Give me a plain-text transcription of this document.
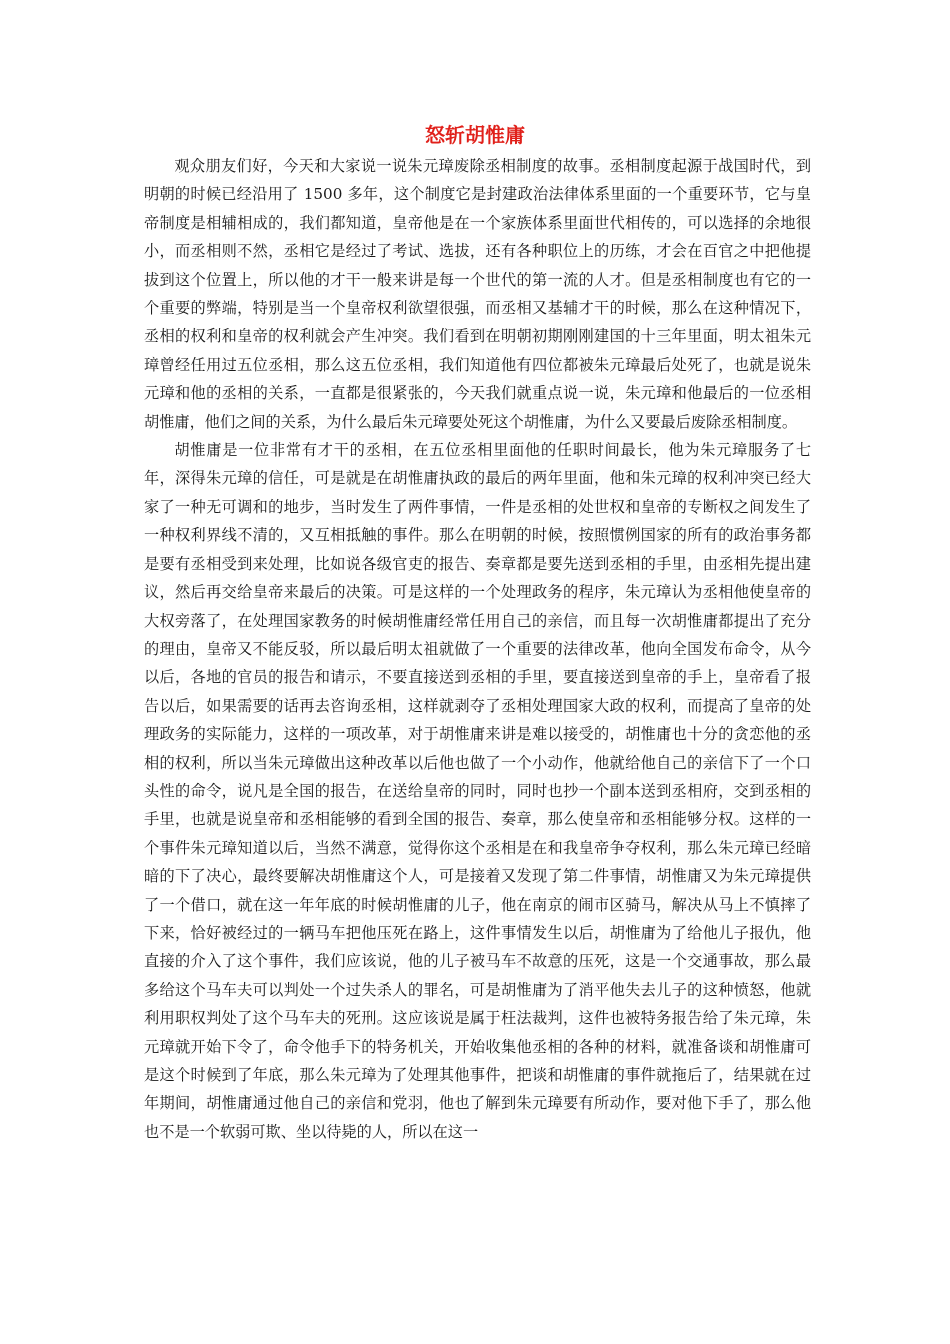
怒斩胡惟庸

观众朋友们好，今天和大家说一说朱元璋废除丞相制度的故事。丞相制度起源于战国时代，到明朝的时候已经沿用了 1500 多年，这个制度它是封建政治法律体系里面的一个重要环节，它与皇帝制度是相辅相成的，我们都知道，皇帝他是在一个家族体系里面世代相传的，可以选择的余地很小，而丞相则不然，丞相它是经过了考试、选拔，还有各种职位上的历练，才会在百官之中把他提拔到这个位置上，所以他的才干一般来讲是每一个世代的第一流的人才。但是丞相制度也有它的一个重要的弊端，特别是当一个皇帝权利欲望很强，而丞相又基辅才干的时候，那么在这种情况下，丞相的权利和皇帝的权利就会产生冲突。我们看到在明朝初期刚刚建国的十三年里面，明太祖朱元璋曾经任用过五位丞相，那么这五位丞相，我们知道他有四位都被朱元璋最后处死了，也就是说朱元璋和他的丞相的关系，一直都是很紧张的，今天我们就重点说一说，朱元璋和他最后的一位丞相胡惟庸，他们之间的关系，为什么最后朱元璋要处死这个胡惟庸，为什么又要最后废除丞相制度。

胡惟庸是一位非常有才干的丞相，在五位丞相里面他的任职时间最长，他为朱元璋服务了七年，深得朱元璋的信任，可是就是在胡惟庸执政的最后的两年里面，他和朱元璋的权利冲突已经大家了一种无可调和的地步，当时发生了两件事情，一件是丞相的处世权和皇帝的专断权之间发生了一种权利界线不清的，又互相抵触的事件。那么在明朝的时候，按照惯例国家的所有的政治事务都是要有丞相受到来处理，比如说各级官吏的报告、奏章都是要先送到丞相的手里，由丞相先提出建议，然后再交给皇帝来最后的决策。可是这样的一个处理政务的程序，朱元璋认为丞相他使皇帝的大权旁落了，在处理国家教务的时候胡惟庸经常任用自己的亲信，而且每一次胡惟庸都提出了充分的理由，皇帝又不能反驳，所以最后明太祖就做了一个重要的法律改革，他向全国发布命令，从今以后，各地的官员的报告和请示，不要直接送到丞相的手里，要直接送到皇帝的手上，皇帝看了报告以后，如果需要的话再去咨询丞相，这样就剥夺了丞相处理国家大政的权利，而提高了皇帝的处理政务的实际能力，这样的一项改革，对于胡惟庸来讲是难以接受的，胡惟庸也十分的贪恋他的丞相的权利，所以当朱元璋做出这种改革以后他也做了一个小动作，他就给他自己的亲信下了一个口头性的命令，说凡是全国的报告，在送给皇帝的同时，同时也抄一个副本送到丞相府，交到丞相的手里，也就是说皇帝和丞相能够的看到全国的报告、奏章，那么使皇帝和丞相能够分权。这样的一个事件朱元璋知道以后，当然不满意，觉得你这个丞相是在和我皇帝争夺权利，那么朱元璋已经暗暗的下了决心，最终要解决胡惟庸这个人，可是接着又发现了第二件事情，胡惟庸又为朱元璋提供了一个借口，就在这一年年底的时候胡惟庸的儿子，他在南京的闹市区骑马，解决从马上不慎摔了下来，恰好被经过的一辆马车把他压死在路上，这件事情发生以后，胡惟庸为了给他儿子报仇，他直接的介入了这个事件，我们应该说，他的儿子被马车不故意的压死，这是一个交通事故，那么最多给这个马车夫可以判处一个过失杀人的罪名，可是胡惟庸为了消平他失去儿子的这种愤怒，他就利用职权判处了这个马车夫的死刑。这应该说是属于枉法裁判，这件也被特务报告给了朱元璋，朱元璋就开始下令了，命令他手下的特务机关，开始收集他丞相的各种的材料，就准备谈和胡惟庸可是这个时候到了年底，那么朱元璋为了处理其他事件，把谈和胡惟庸的事件就拖后了，结果就在过年期间，胡惟庸通过他自己的亲信和党羽，他也了解到朱元璋要有所动作，要对他下手了，那么他也不是一个软弱可欺、坐以待毙的人，所以在这一
